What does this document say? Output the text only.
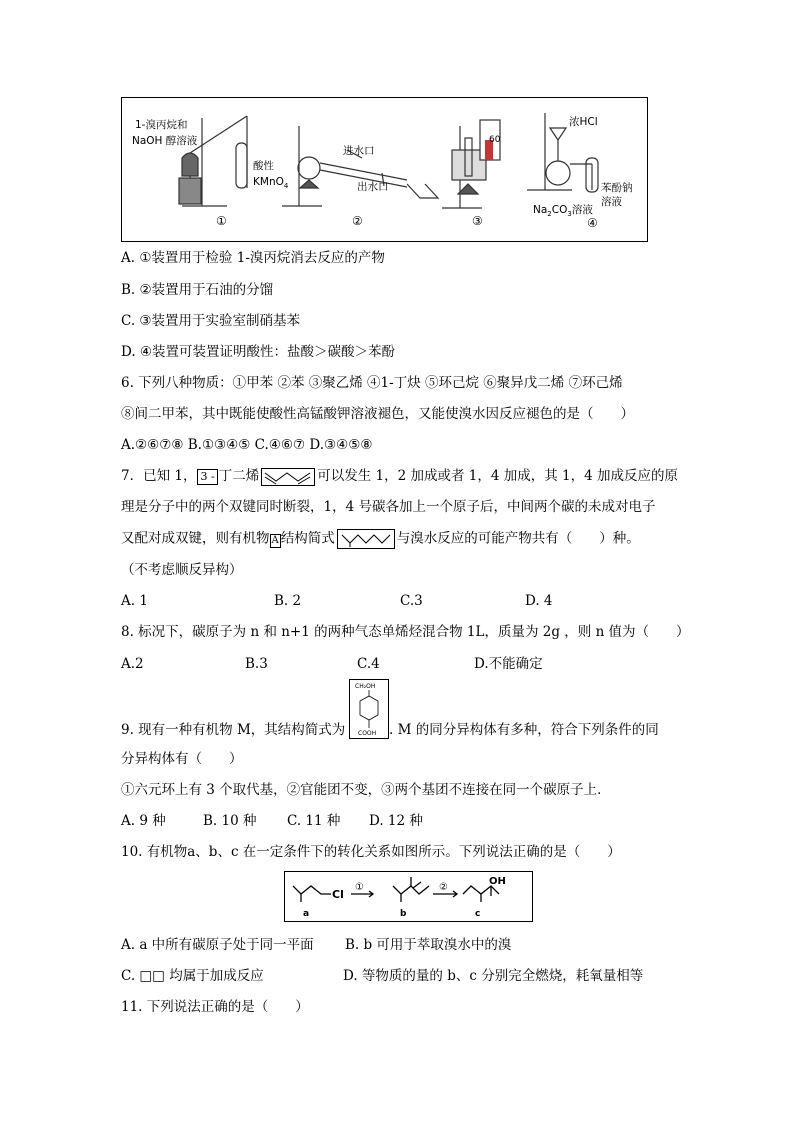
1-溴丙烷和
NaOH 醇溶液
酸性
KMnO$_4$
①
进水口
出水口
②
60
③
浓HCl
苯酚钠
溶液
$Na_2CO_3$溶液
④
A. ①装置用于检验 1-溴丙烷消去反应的产物
B. ②装置用于石油的分馏
C. ③装置用于实验室制硝基苯
D. ④装置可装置证明酸性：盐酸＞碳酸＞苯酚
6. 下列八种物质：①甲苯 ②苯 ③聚乙烯 ④1-丁炔 ⑤环己烷 ⑥聚异戊二烯 ⑦环己烯
⑧间二甲苯，其中既能使酸性高锰酸钾溶液褪色，又能使溴水因反应褪色的是（　　）
A.②⑥⑦⑧ B.①③④⑤ C.④⑥⑦ D.③④⑤⑧
7．已知 1， 3 - 丁二烯	可以发生 1，2 加成或者 1，4 加成，其 1，4 加成反应的原
理是分子中的两个双键同时断裂，1，4 号碳各加上一个原子后，中间两个碳的未成对电子
又配对成双键，则有机物 A 结构简式	与溴水反应的可能产物共有（　　）种。
（不考虑顺反异构）
A. 1	B. 2	C.3	D. 4
8. 标况下，碳原子为 n 和 n+1 的两种气态单烯烃混合物 1L，质量为 2g ，则 n 值为（　　）
A.2	B.3	C.4	D.不能确定
CH₂OH
COOH
9. 现有一种有机物 M，其结构简式为	. M 的同分异构体有多种，符合下列条件的同
分异构体有（　　）
①六元环上有 3 个取代基，②官能团不变，③两个基团不连接在同一个碳原子上．
A. 9 种	B. 10 种 C. 11 种 D. 12 种
10. 有机物a、b、c 在一定条件下的转化关系如图所示。下列说法正确的是（　　）
Cl
OH
①	②
a	b	c
A. a 中所有碳原子处于同一平面 B. b 可用于萃取溴水中的溴
C. □□ 均属于加成反应	D. 等物质的量的 b、c 分别完全燃烧，耗氧量相等
11. 下列说法正确的是（　　）
